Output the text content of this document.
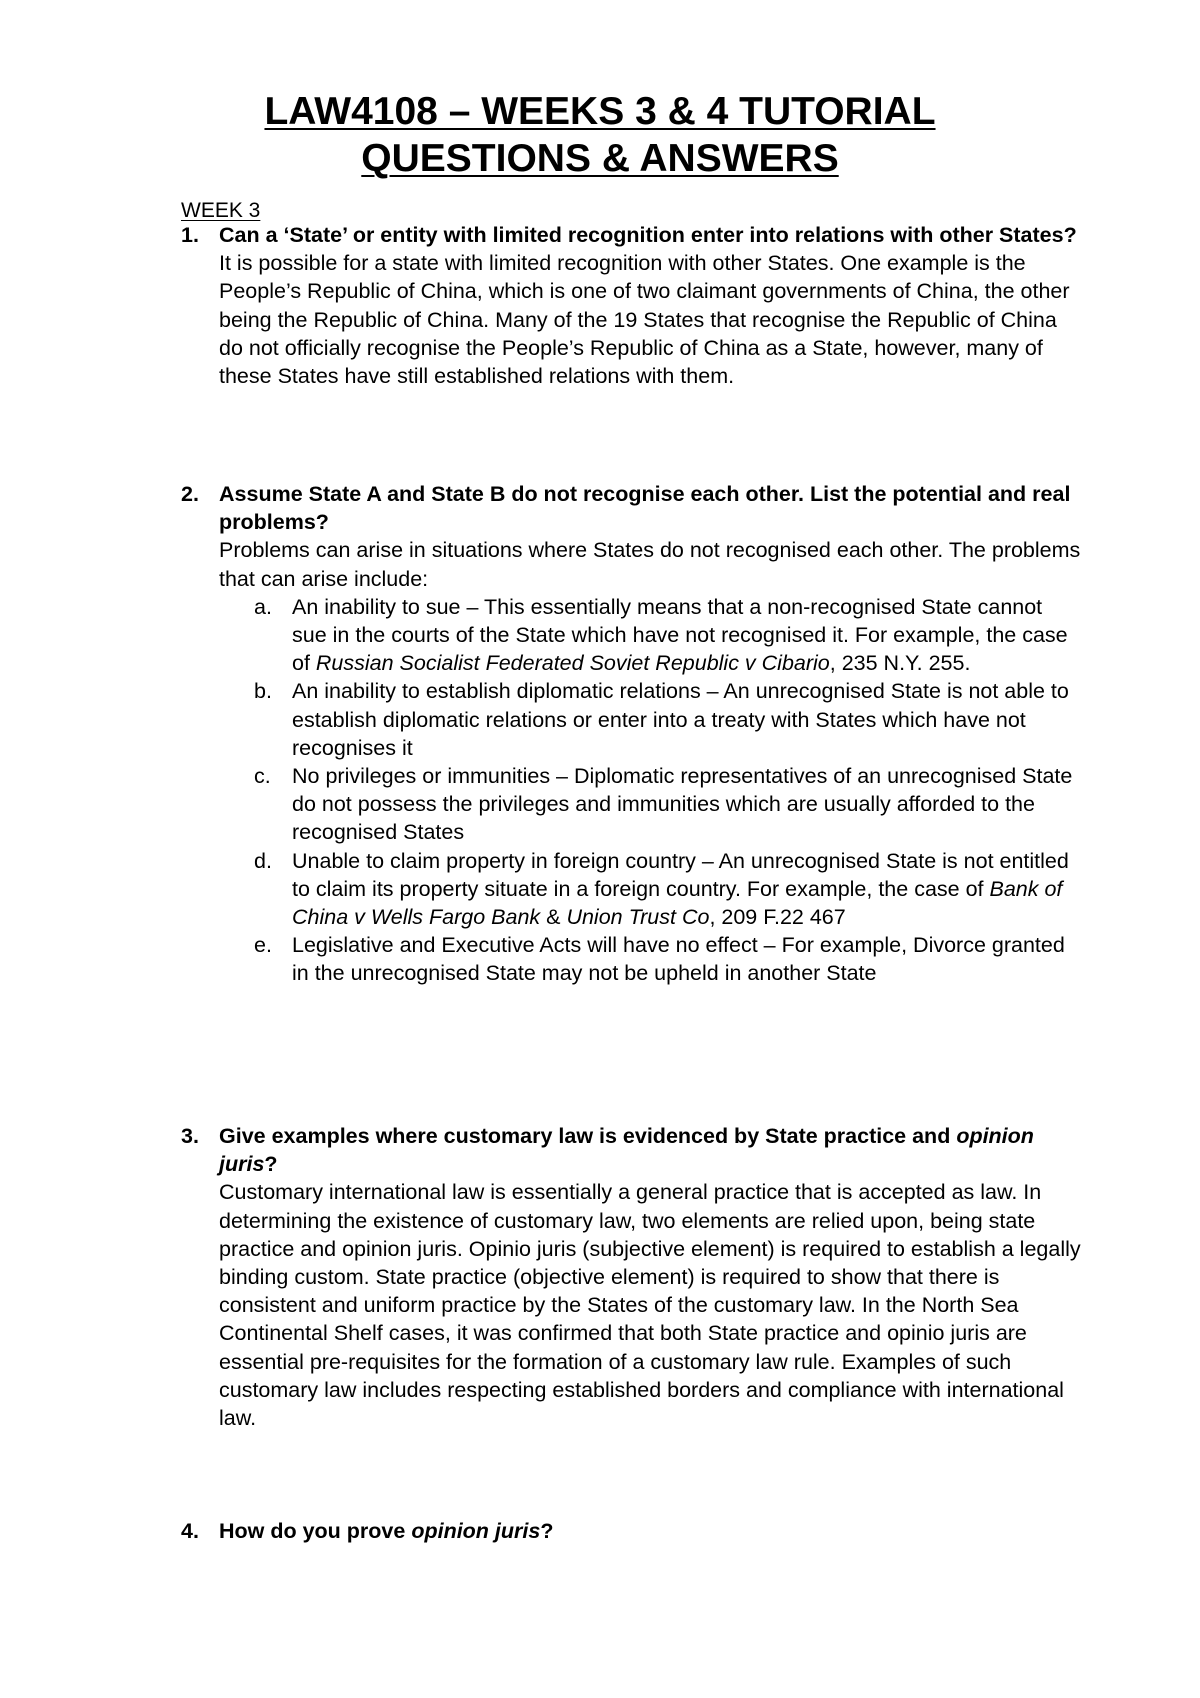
LAW4108 – WEEKS 3 & 4 TUTORIAL
QUESTIONS & ANSWERS
WEEK 3
1. Can a ‘State’ or entity with limited recognition enter into relations with other States?
It is possible for a state with limited recognition with other States. One example is the People’s Republic of China, which is one of two claimant governments of China, the other being the Republic of China. Many of the 19 States that recognise the Republic of China do not officially recognise the People’s Republic of China as a State, however, many of these States have still established relations with them.
2. Assume State A and State B do not recognise each other. List the potential and real problems?
Problems can arise in situations where States do not recognised each other. The problems that can arise include:
a. An inability to sue – This essentially means that a non-recognised State cannot sue in the courts of the State which have not recognised it. For example, the case of Russian Socialist Federated Soviet Republic v Cibario, 235 N.Y. 255.
b. An inability to establish diplomatic relations – An unrecognised State is not able to establish diplomatic relations or enter into a treaty with States which have not recognises it
c. No privileges or immunities – Diplomatic representatives of an unrecognised State do not possess the privileges and immunities which are usually afforded to the recognised States
d. Unable to claim property in foreign country – An unrecognised State is not entitled to claim its property situate in a foreign country. For example, the case of Bank of China v Wells Fargo Bank & Union Trust Co, 209 F.22 467
e. Legislative and Executive Acts will have no effect – For example, Divorce granted in the unrecognised State may not be upheld in another State
3. Give examples where customary law is evidenced by State practice and opinion juris?
Customary international law is essentially a general practice that is accepted as law. In determining the existence of customary law, two elements are relied upon, being state practice and opinion juris. Opinio juris (subjective element) is required to establish a legally binding custom. State practice (objective element) is required to show that there is consistent and uniform practice by the States of the customary law. In the North Sea Continental Shelf cases, it was confirmed that both State practice and opinio juris are essential pre-requisites for the formation of a customary law rule. Examples of such customary law includes respecting established borders and compliance with international law.
4. How do you prove opinion juris?
